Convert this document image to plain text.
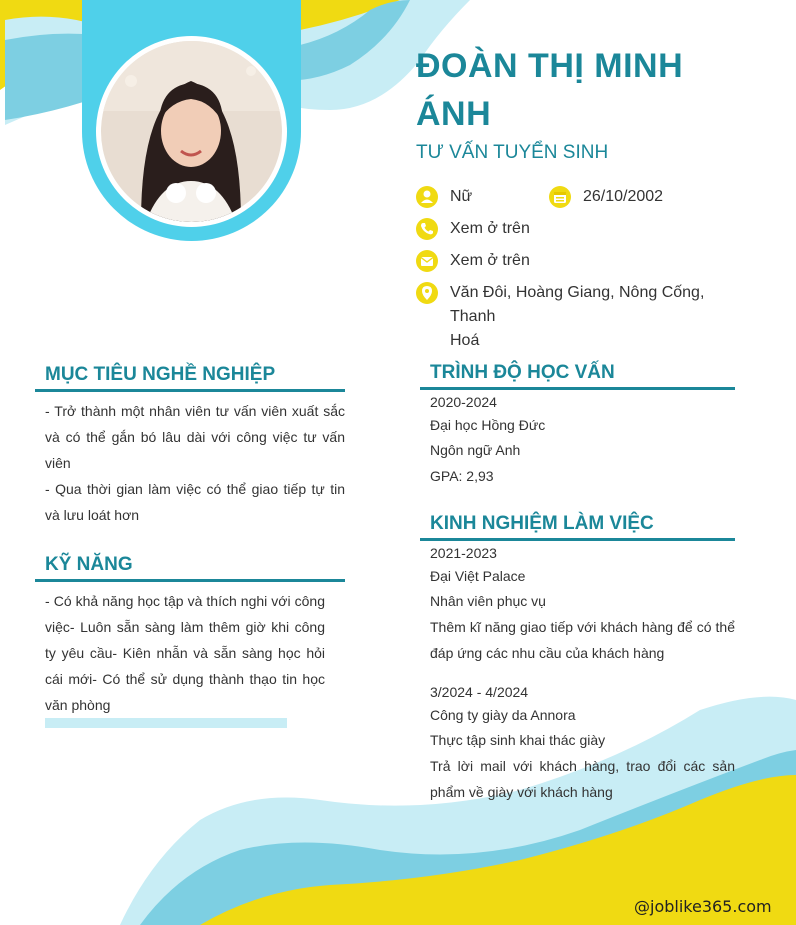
ĐOÀN THỊ MINH
ÁNH
TƯ VẤN TUYỂN SINH
Nữ	26/10/2002
Xem ở trên
Xem ở trên
Văn Đôi, Hoàng Giang, Nông Cống, Thanh
Hoá
MỤC TIÊU NGHỀ NGHIỆP

- Trở thành một nhân viên tư vấn viên xuất sắc và có thể gắn bó lâu dài với công việc tư vấn viên

- Qua thời gian làm việc có thể giao tiếp tự tin và lưu loát hơn

KỸ NĂNG
- Có khả năng học tập và thích nghi với công việc- Luôn sẵn sàng làm thêm giờ khi công ty yêu cầu- Kiên nhẫn và sẵn sàng học hỏi cái mới- Có thể sử dụng thành thạo tin học văn phòng
TRÌNH ĐỘ HỌC VẤN
2020-2024
Đại học Hồng Đức
Ngôn ngữ Anh
GPA: 2,93
KINH NGHIỆM LÀM VIỆC
2021-2023
Đại Việt Palace
Nhân viên phục vụ
Thêm kĩ năng giao tiếp với khách hàng để có thể đáp ứng các nhu cầu của khách hàng
3/2024 - 4/2024
Công ty giày da Annora
Thực tập sinh khai thác giày
Trả lời mail với khách hàng, trao đổi các sản phẩm về giày với khách hàng
@joblike365.com
